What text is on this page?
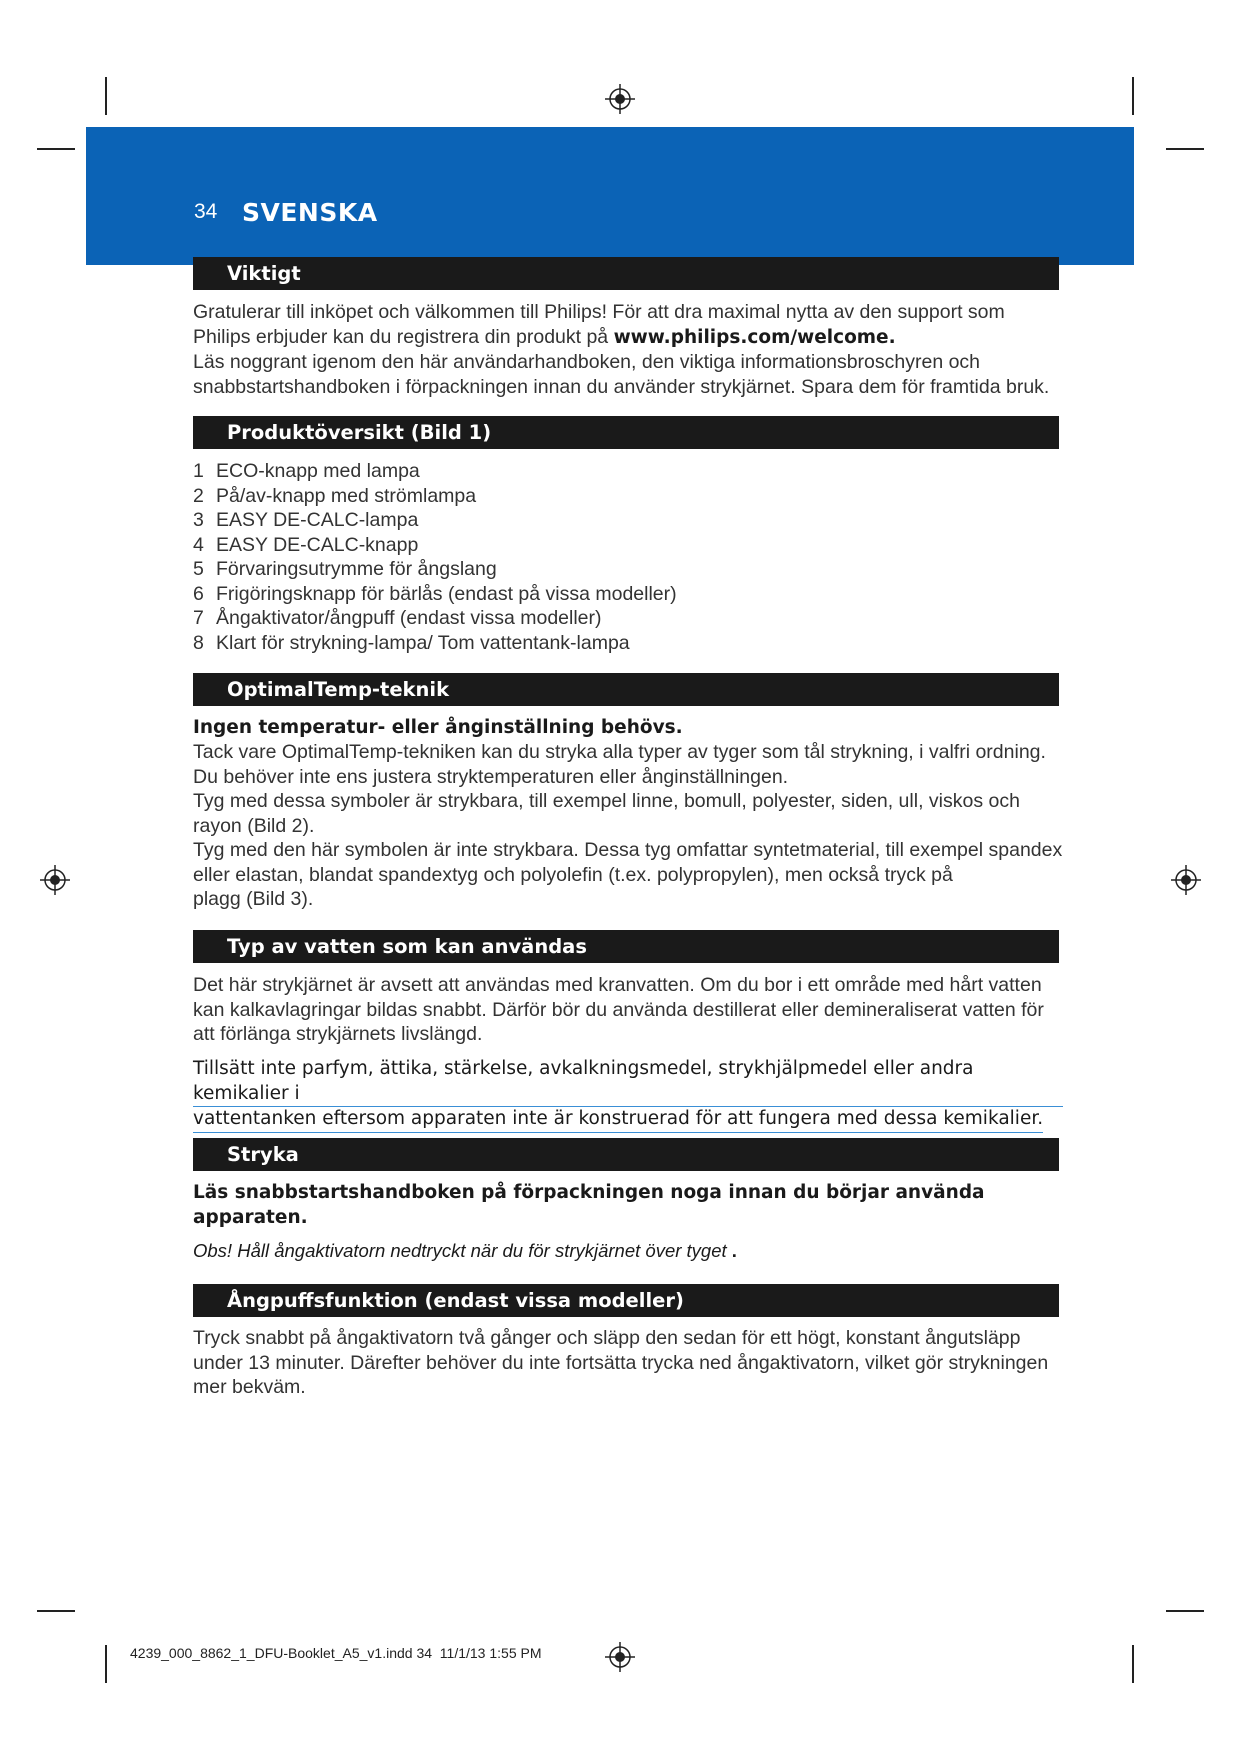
34 SVENSKA
Viktigt
Gratulerar till inköpet och välkommen till Philips! För att dra maximal nytta av den support som
Philips erbjuder kan du registrera din produkt på www.philips.com/welcome.
Läs noggrant igenom den här användarhandboken, den viktiga informationsbroschyren och
snabbstartshandboken i förpackningen innan du använder strykjärnet. Spara dem för framtida bruk.
Produktöversikt (Bild 1)
1 ECO-knapp med lampa
2 På/av-knapp med strömlampa
3 EASY DE-CALC-lampa
4 EASY DE-CALC-knapp
5 Förvaringsutrymme för ångslang
6 Frigöringsknapp för bärlås (endast på vissa modeller)
7 Ångaktivator/ångpuff (endast vissa modeller)
8 Klart för strykning-lampa/ Tom vattentank-lampa
OptimalTemp-teknik
Ingen temperatur- eller ånginställning behövs.
Tack vare OptimalTemp-tekniken kan du stryka alla typer av tyger som tål strykning, i valfri ordning.
Du behöver inte ens justera stryktemperaturen eller ånginställningen.
Tyg med dessa symboler är strykbara, till exempel linne, bomull, polyester, siden, ull, viskos och
rayon (Bild 2).
Tyg med den här symbolen är inte strykbara. Dessa tyg omfattar syntetmaterial, till exempel spandex
eller elastan, blandat spandextyg och polyolefin (t.ex. polypropylen), men också tryck på
plagg (Bild 3).
Typ av vatten som kan användas
Det här strykjärnet är avsett att användas med kranvatten. Om du bor i ett område med hårt vatten
kan kalkavlagringar bildas snabbt. Därför bör du använda destillerat eller demineraliserat vatten för
att förlänga strykjärnets livslängd.
Tillsätt inte parfym, ättika, stärkelse, avkalkningsmedel, strykhjälpmedel eller andra kemikalier i
vattentanken eftersom apparaten inte är konstruerad för att fungera med dessa kemikalier.
Stryka
Läs snabbstartshandboken på förpackningen noga innan du börjar använda
apparaten.
Obs! Håll ångaktivatorn nedtryckt när du för strykjärnet över tyget .
Ångpuffsfunktion (endast vissa modeller)
Tryck snabbt på ångaktivatorn två gånger och släpp den sedan för ett högt, konstant ångutsläpp
under 13 minuter. Därefter behöver du inte fortsätta trycka ned ångaktivatorn, vilket gör strykningen
mer bekväm.
4239_000_8862_1_DFU-Booklet_A5_v1.indd 34 11/1/13 1:55 PM
